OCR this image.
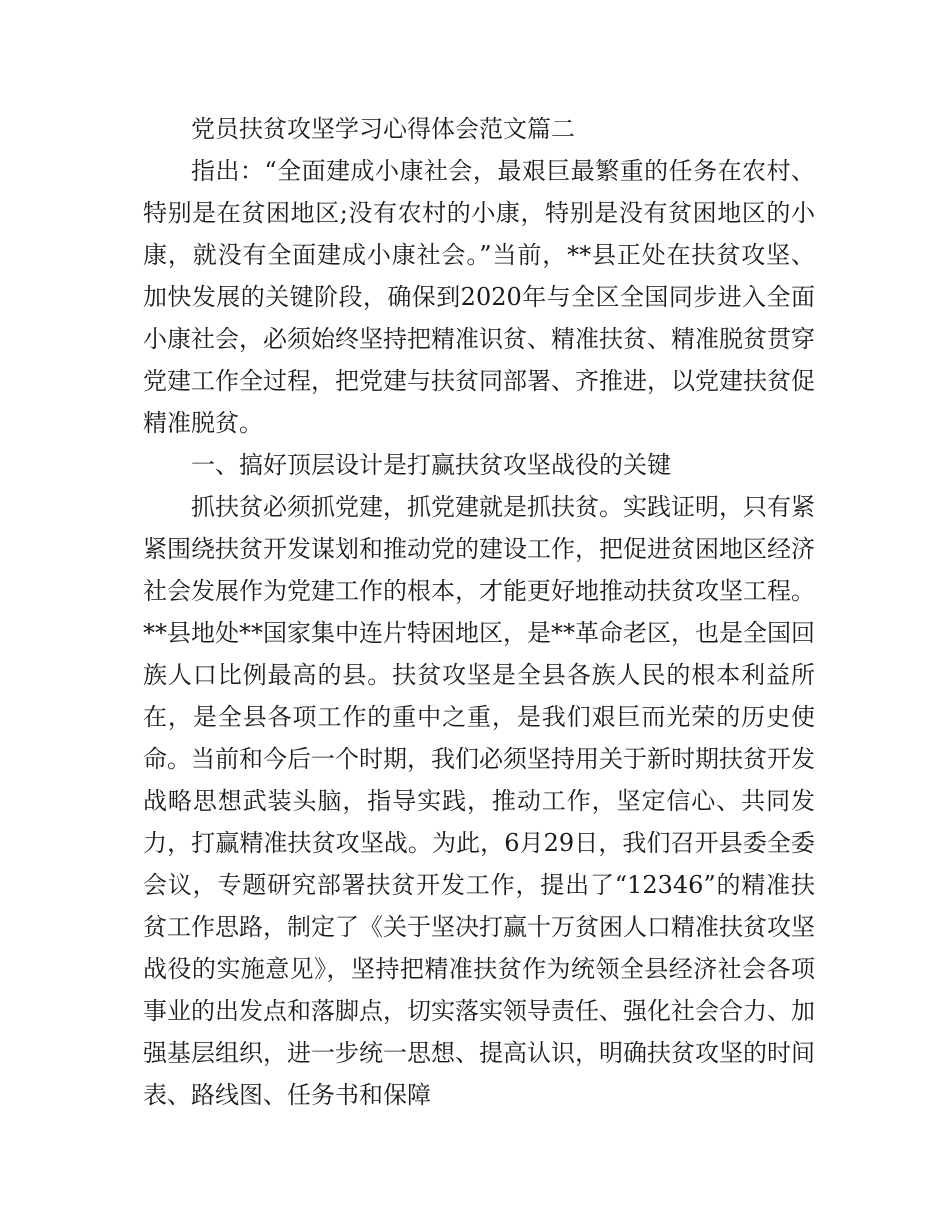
党员扶贫攻坚学习心得体会范文篇二

指出：“全面建成小康社会，最艰巨最繁重的任务在农村、特别是在贫困地区;没有农村的小康，特别是没有贫困地区的小康，就没有全面建成小康社会。”当前，**县正处在扶贫攻坚、加快发展的关键阶段，确保到2020年与全区全国同步进入全面小康社会，必须始终坚持把精准识贫、精准扶贫、精准脱贫贯穿党建工作全过程，把党建与扶贫同部署、齐推进，以党建扶贫促精准脱贫。

一、搞好顶层设计是打赢扶贫攻坚战役的关键

抓扶贫必须抓党建，抓党建就是抓扶贫。实践证明，只有紧紧围绕扶贫开发谋划和推动党的建设工作，把促进贫困地区经济社会发展作为党建工作的根本，才能更好地推动扶贫攻坚工程。**县地处**国家集中连片特困地区，是**革命老区，也是全国回族人口比例最高的县。扶贫攻坚是全县各族人民的根本利益所在，是全县各项工作的重中之重，是我们艰巨而光荣的历史使命。当前和今后一个时期，我们必须坚持用关于新时期扶贫开发战略思想武装头脑，指导实践，推动工作，坚定信心、共同发力，打赢精准扶贫攻坚战。为此，6月29日，我们召开县委全委会议，专题研究部署扶贫开发工作，提出了“12346”的精准扶贫工作思路，制定了《关于坚决打赢十万贫困人口精准扶贫攻坚战役的实施意见》，坚持把精准扶贫作为统领全县经济社会各项事业的出发点和落脚点，切实落实领导责任、强化社会合力、加强基层组织，进一步统一思想、提高认识，明确扶贫攻坚的时间表、路线图、任务书和保障
